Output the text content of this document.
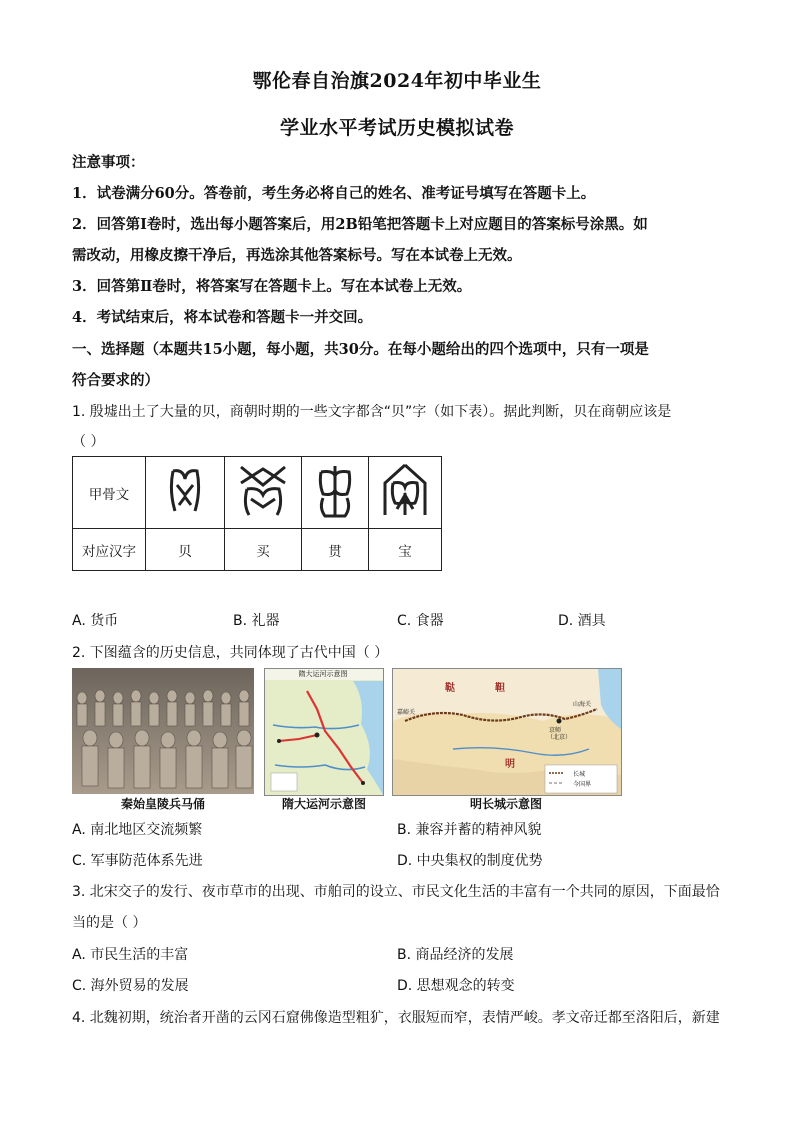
鄂伦春自治旗2024年初中毕业生
学业水平考试历史模拟试卷
注意事项：
1．试卷满分60分。答卷前，考生务必将自己的姓名、准考证号填写在答题卡上。
2．回答第Ⅰ卷时，选出每小题答案后，用2B铅笔把答题卡上对应题目的答案标号涂黑。如
需改动，用橡皮擦干净后，再选涂其他答案标号。写在本试卷上无效。
3．回答第Ⅱ卷时，将答案写在答题卡上。写在本试卷上无效。
4．考试结束后，将本试卷和答题卡一并交回。
一、选择题（本题共15小题，每小题，共30分。在每小题给出的四个选项中，只有一项是
符合要求的）
1. 殷墟出土了大量的贝，商朝时期的一些文字都含“贝”字（如下表）。据此判断，贝在商朝应该是
（ ）
甲骨文				
对应汉字	贝	买	贯	宝
A. 货币	B. 礼器	C. 食器	D. 酒具
2. 下图蕴含的历史信息，共同体现了古代中国（ ）
隋大运河示意图
鞑	靼
明
嘉峪关
山海关
京师
（北京）
长城
今国界
秦始皇陵兵马俑	隋大运河示意图	明长城示意图
A. 南北地区交流频繁	B. 兼容并蓄的精神风貌
C. 军事防范体系先进	D. 中央集权的制度优势
3. 北宋交子的发行、夜市草市的出现、市舶司的设立、市民文化生活的丰富有一个共同的原因，下面最恰
当的是（ ）
A. 市民生活的丰富	B. 商品经济的发展
C. 海外贸易的发展	D. 思想观念的转变
4. 北魏初期，统治者开凿的云冈石窟佛像造型粗犷，衣服短而窄，表情严峻。孝文帝迁都至洛阳后，新建
